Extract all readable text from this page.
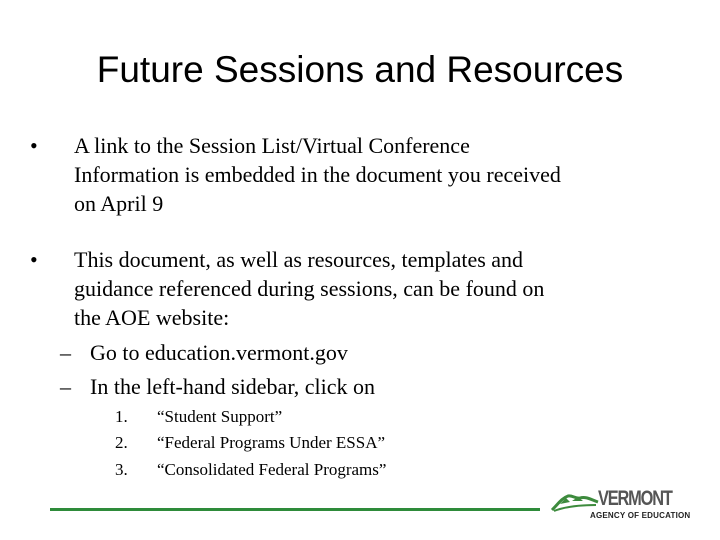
Future Sessions and Resources
•	A link to the Session List/Virtual Conference
Information is embedded in the document you received
on April 9
•	This document, as well as resources, templates and
guidance referenced during sessions, can be found on
the AOE website:
– Go to education.vermont.gov
– In the left-hand sidebar, click on
1. “Student Support”
2. “Federal Programs Under ESSA”
3. “Consolidated Federal Programs”
VERMONT
AGENCY OF EDUCATION
